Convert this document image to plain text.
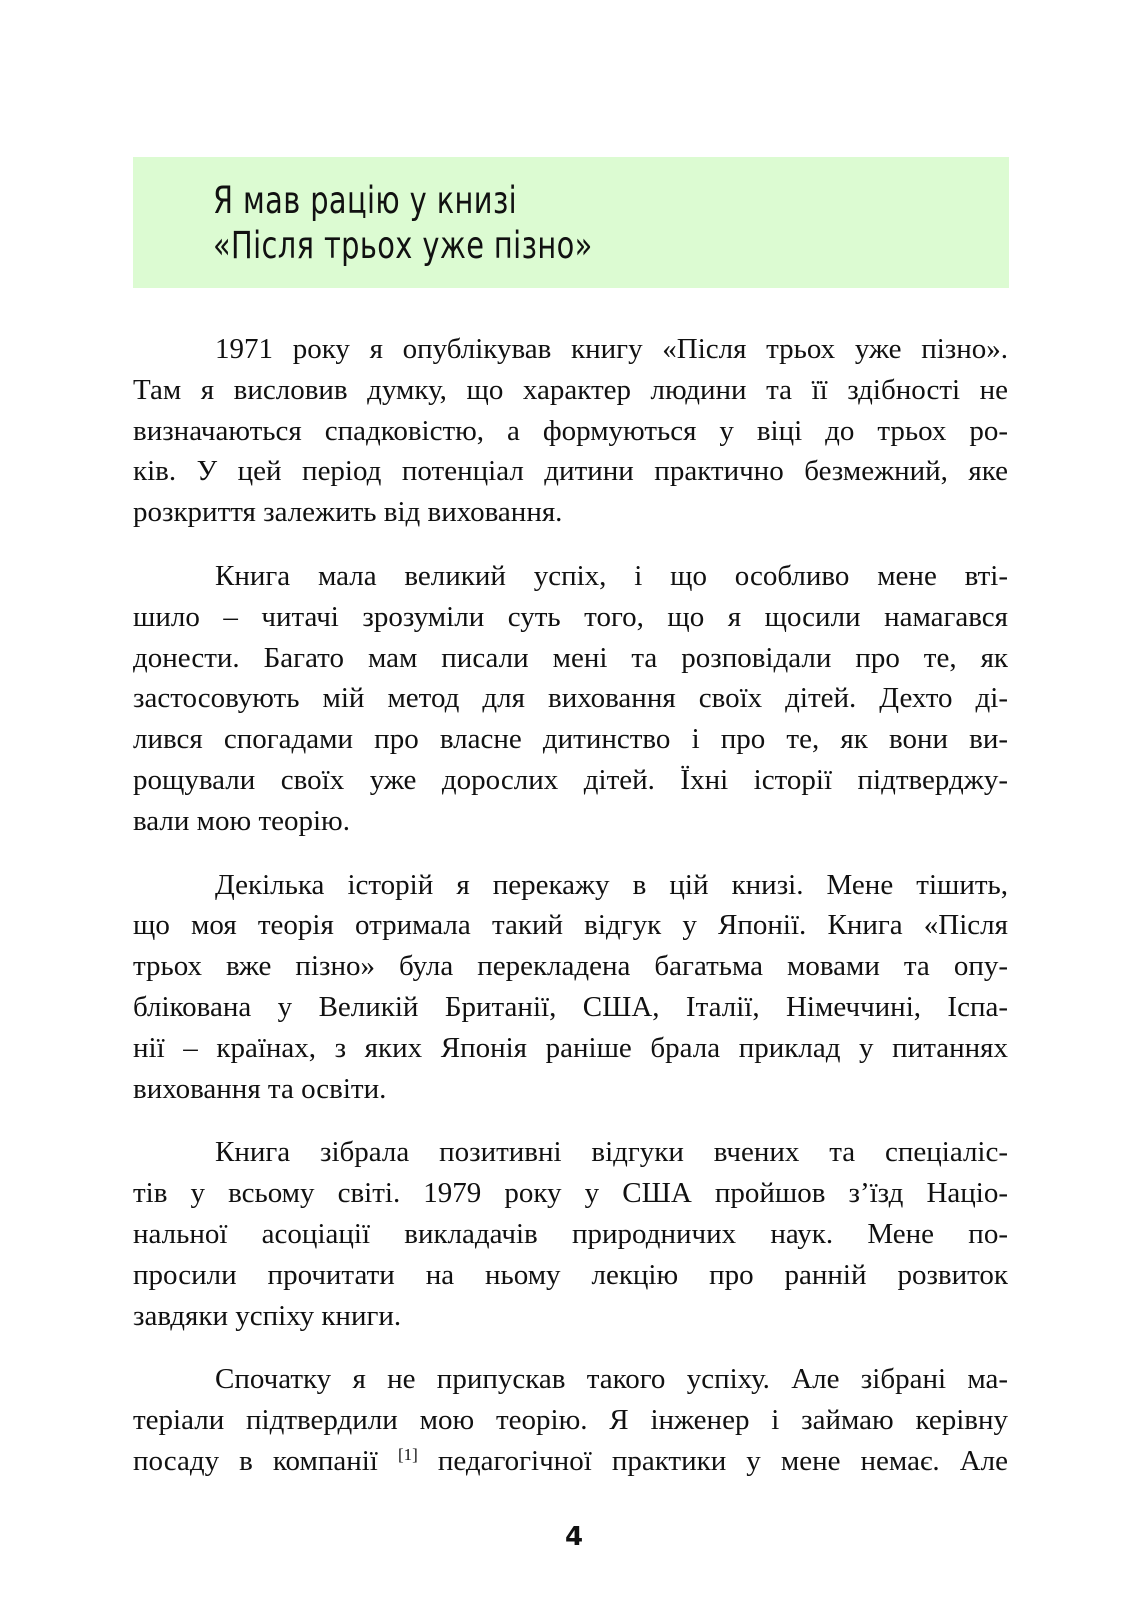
Я мав рацію у книзі
«Після трьох уже пізно»
1971 року я опублікував книгу «Після трьох уже пізно».
Там я висловив думку, що характер людини та її здібності не
визначаються спадковістю, а формуються у віці до трьох ро-
ків. У цей період потенціал дитини практично безмежний, яке
розкриття залежить від виховання.
Книга мала великий успіх, і що особливо мене вті-
шило – читачі зрозуміли суть того, що я щосили намагався
донести. Багато мам писали мені та розповідали про те, як
застосовують мій метод для виховання своїх дітей. Дехто ді-
лився спогадами про власне дитинство і про те, як вони ви-
рощували своїх уже дорослих дітей. Їхні історії підтверджу-
вали мою теорію.
Декілька історій я перекажу в цій книзі. Мене тішить,
що моя теорія отримала такий відгук у Японії. Книга «Після
трьох вже пізно» була перекладена багатьма мовами та опу-
блікована у Великій Британії, США, Італії, Німеччині, Іспа-
нії – країнах, з яких Японія раніше брала приклад у питаннях
виховання та освіти.
Книга зібрала позитивні відгуки вчених та спеціаліс-
тів у всьому світі. 1979 року у США пройшов з’їзд Націо-
нальної асоціації викладачів природничих наук. Мене по-
просили прочитати на ньому лекцію про ранній розвиток
завдяки успіху книги.
Спочатку я не припускав такого успіху. Але зібрані ма-
теріали підтвердили мою теорію. Я інженер і займаю керівну
посаду в компанії [1] педагогічної практики у мене немає. Але
4
